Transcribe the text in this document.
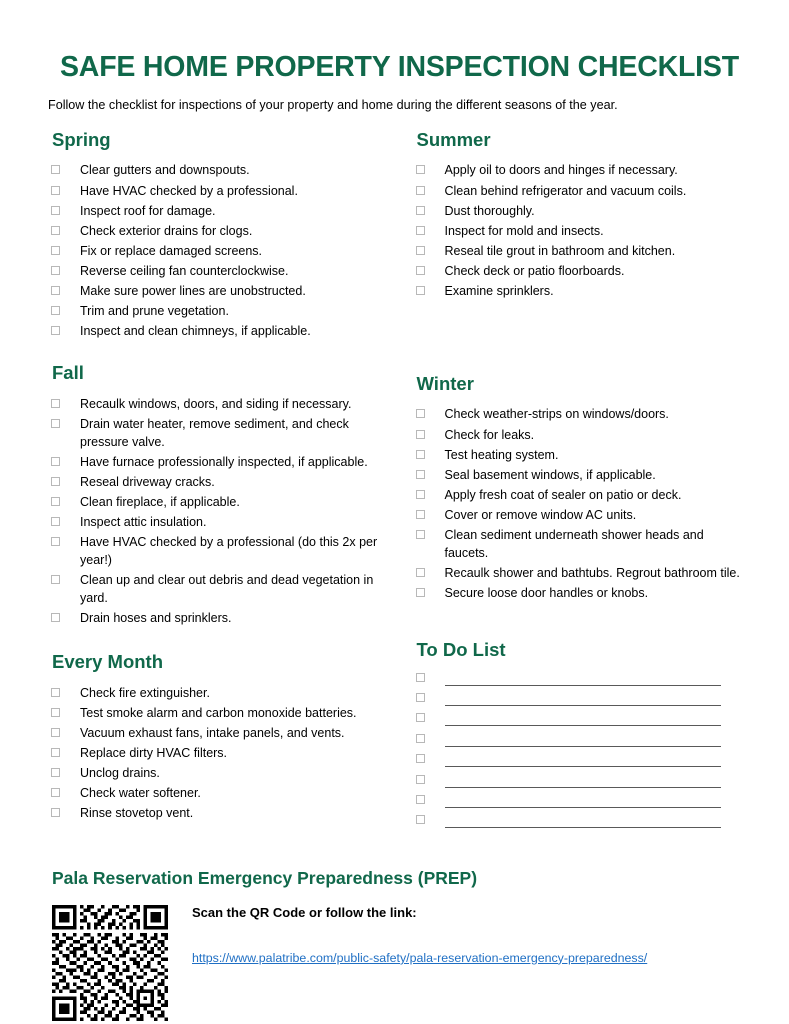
SAFE HOME PROPERTY INSPECTION CHECKLIST

Follow the checklist for inspections of your property and home during the different seasons of the year.

Spring
Clear gutters and downspouts.
Have HVAC checked by a professional.
Inspect roof for damage.
Check exterior drains for clogs.
Fix or replace damaged screens.
Reverse ceiling fan counterclockwise.
Make sure power lines are unobstructed.
Trim and prune vegetation.
Inspect and clean chimneys, if applicable.
Fall
Recaulk windows, doors, and siding if necessary.
Drain water heater, remove sediment, and check pressure valve.
Have furnace professionally inspected, if applicable.
Reseal driveway cracks.
Clean fireplace, if applicable.
Inspect attic insulation.
Have HVAC checked by a professional (do this 2x per year!)
Clean up and clear out debris and dead vegetation in yard.
Drain hoses and sprinklers.
Every Month
Check fire extinguisher.
Test smoke alarm and carbon monoxide batteries.
Vacuum exhaust fans, intake panels, and vents.
Replace dirty HVAC filters.
Unclog drains.
Check water softener.
Rinse stovetop vent.
Summer
Apply oil to doors and hinges if necessary.
Clean behind refrigerator and vacuum coils.
Dust thoroughly.
Inspect for mold and insects.
Reseal tile grout in bathroom and kitchen.
Check deck or patio floorboards.
Examine sprinklers.
Winter
Check weather-strips on windows/doors.
Check for leaks.
Test heating system.
Seal basement windows, if applicable.
Apply fresh coat of sealer on patio or deck.
Cover or remove window AC units.
Clean sediment underneath shower heads and faucets.
Recaulk shower and bathtubs. Regrout bathroom tile.
Secure loose door handles or knobs.
To Do List
Pala Reservation Emergency Preparedness (PREP)

Scan the QR Code or follow the link:

https://www.palatribe.com/public-safety/pala-reservation-emergency-preparedness/
